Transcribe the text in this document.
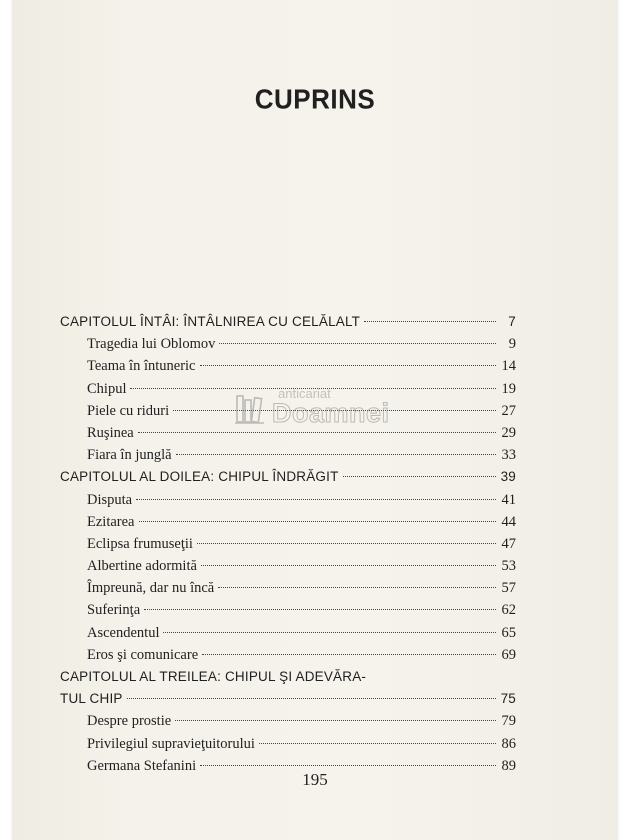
CUPRINS
CAPITOLUL ÎNTÂI: ÎNTÂLNIREA CU CELĂLALT	7
Tragedia lui Oblomov	9
Teama în întuneric	14
Chipul	19
Piele cu riduri	27
Ruşinea	29
Fiara în junglă	33
CAPITOLUL AL DOILEA: CHIPUL ÎNDRĂGIT	39
Disputa	41
Ezitarea	44
Eclipsa frumuseţii	47
Albertine adormită	53
Împreună, dar nu încă	57
Suferinţa	62
Ascendentul	65
Eros şi comunicare	69
CAPITOLUL AL TREILEA: CHIPUL ŞI ADEVĂRA-
TUL CHIP	75
Despre prostie	79
Privilegiul supravieţuitorului	86
Germana Stefanini	89
anticariat
Doamnei
195
